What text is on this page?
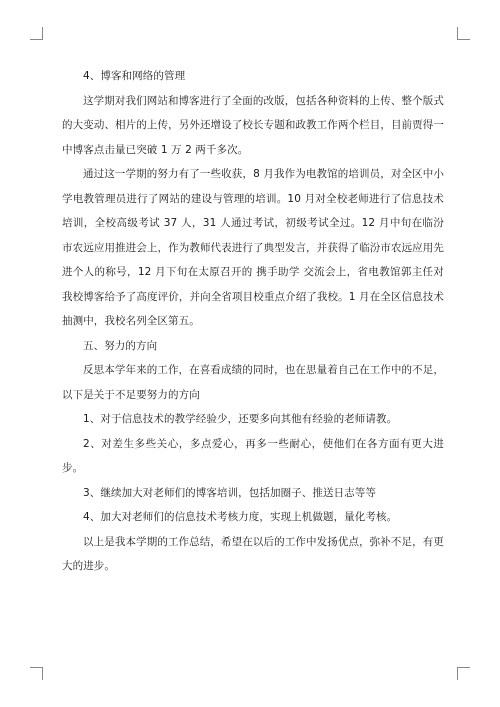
4、博客和网络的管理

这学期对我们网站和博客进行了全面的改版，包括各种资料的上传、整个版式的大变动、相片的上传，另外还增设了校长专题和政教工作两个栏目，目前贾得一中博客点击量已突破 1 万 2 两千多次。

通过这一学期的努力有了一些收获，8 月我作为电教馆的培训员，对全区中小学电教管理员进行了网站的建设与管理的培训。10 月对全校老师进行了信息技术培训，全校高级考试 37 人，31 人通过考试，初级考试全过。12 月中旬在临汾市农远应用推进会上，作为教师代表进行了典型发言，并获得了临汾市农远应用先进个人的称号，12 月下旬在太原召开的 携手助学 交流会上，省电教馆郭主任对我校博客给予了高度评价，并向全省项目校重点介绍了我校。1 月在全区信息技术抽测中，我校名列全区第五。

五、努力的方向

反思本学年来的工作，在喜看成绩的同时，也在思量着自己在工作中的不足，以下是关于不足要努力的方向

1、对于信息技术的教学经验少，还要多向其他有经验的老师请教。

2、对差生多些关心，多点爱心，再多一些耐心，使他们在各方面有更大进步。

3、继续加大对老师们的博客培训，包括加圈子、推送日志等等

4、加大对老师们的信息技术考核力度，实现上机做题，量化考核。

以上是我本学期的工作总结，希望在以后的工作中发扬优点，弥补不足，有更大的进步。
